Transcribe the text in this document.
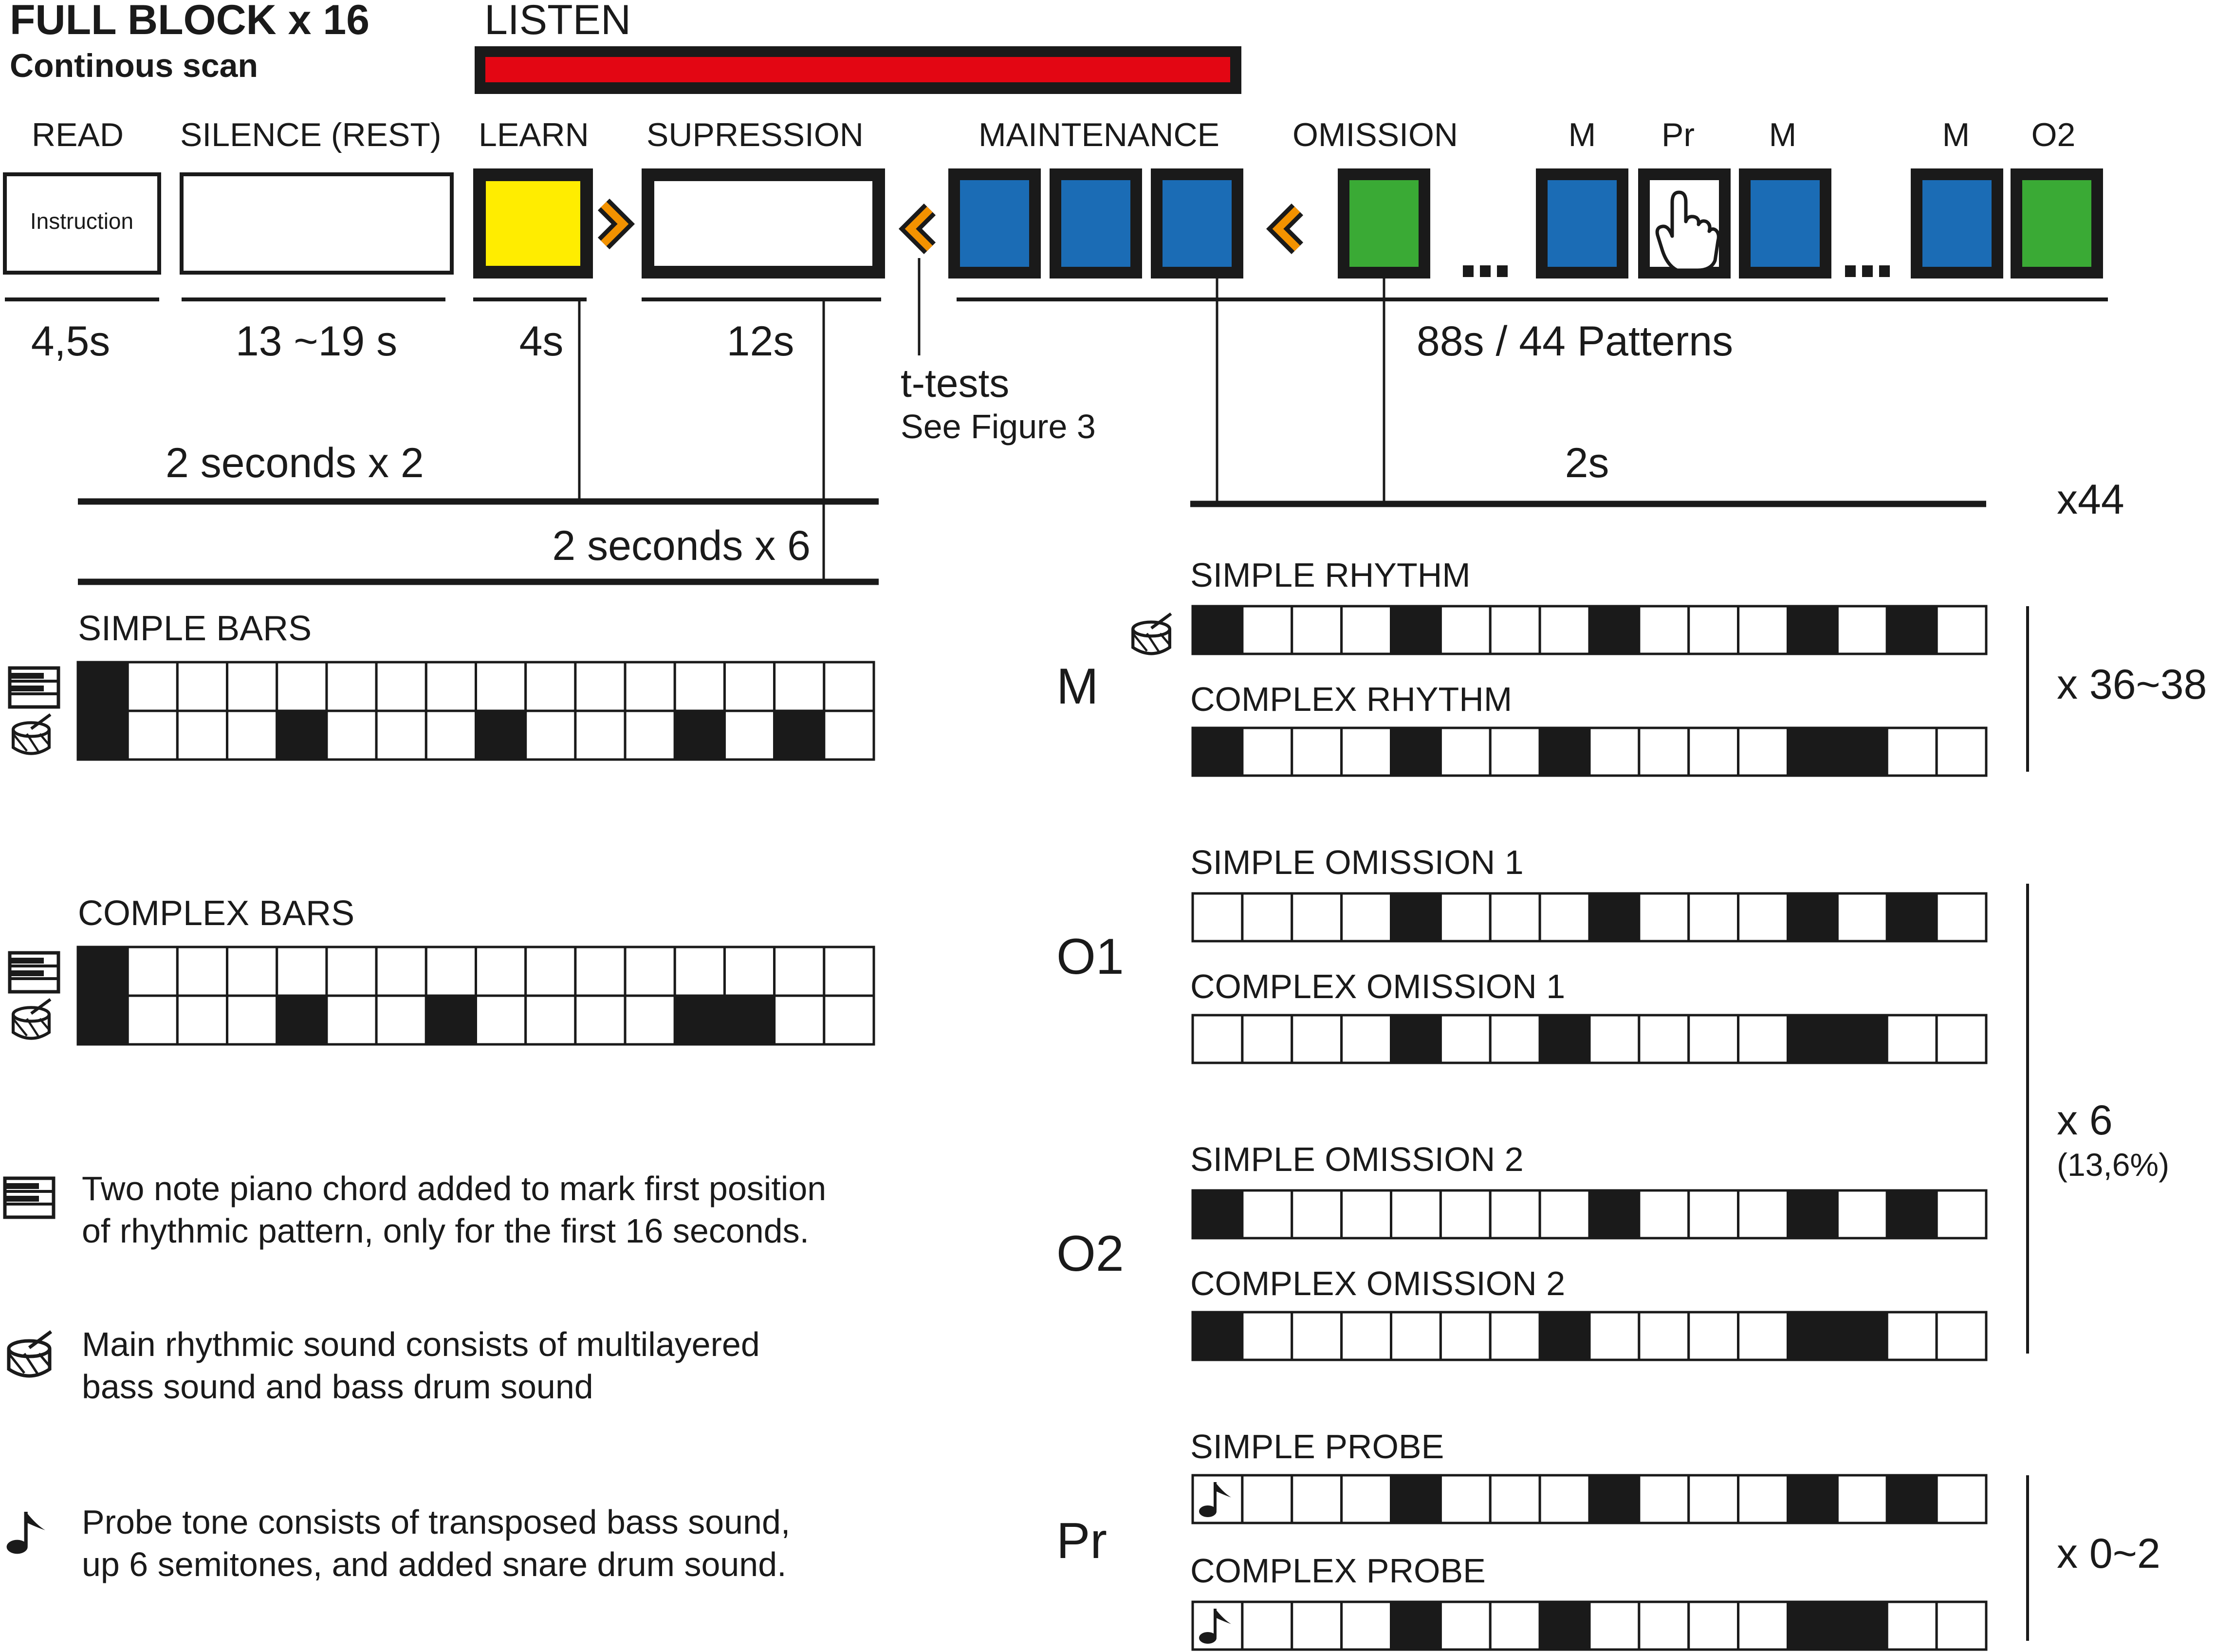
FULL BLOCK x 16
Continous scan
LISTEN
READ SILENCE (REST) LEARN SUPRESSION	MAINTENANCE OMISSION	M Pr M	M O2
Instruction
4,5s	13 ~19 s	4s	12s	88s / 44 Patterns
t-tests
See Figure 3
2 seconds x 2
2 seconds x 6
2s
x44
SIMPLE BARS
COMPLEX BARS
Two note piano chord added to mark first position
of rhythmic pattern, only for the first 16 seconds.
Main rhythmic sound consists of multilayered
bass sound and bass drum sound
Probe tone consists of transposed bass sound,
up 6 semitones, and added snare drum sound.
M
SIMPLE RHYTHM
COMPLEX RHYTHM
O1
SIMPLE OMISSION 1
COMPLEX OMISSION 1
O2
SIMPLE OMISSION 2
COMPLEX OMISSION 2
Pr
SIMPLE PROBE
COMPLEX PROBE
x 36~38
x 6
(13,6%)
x 0~2
